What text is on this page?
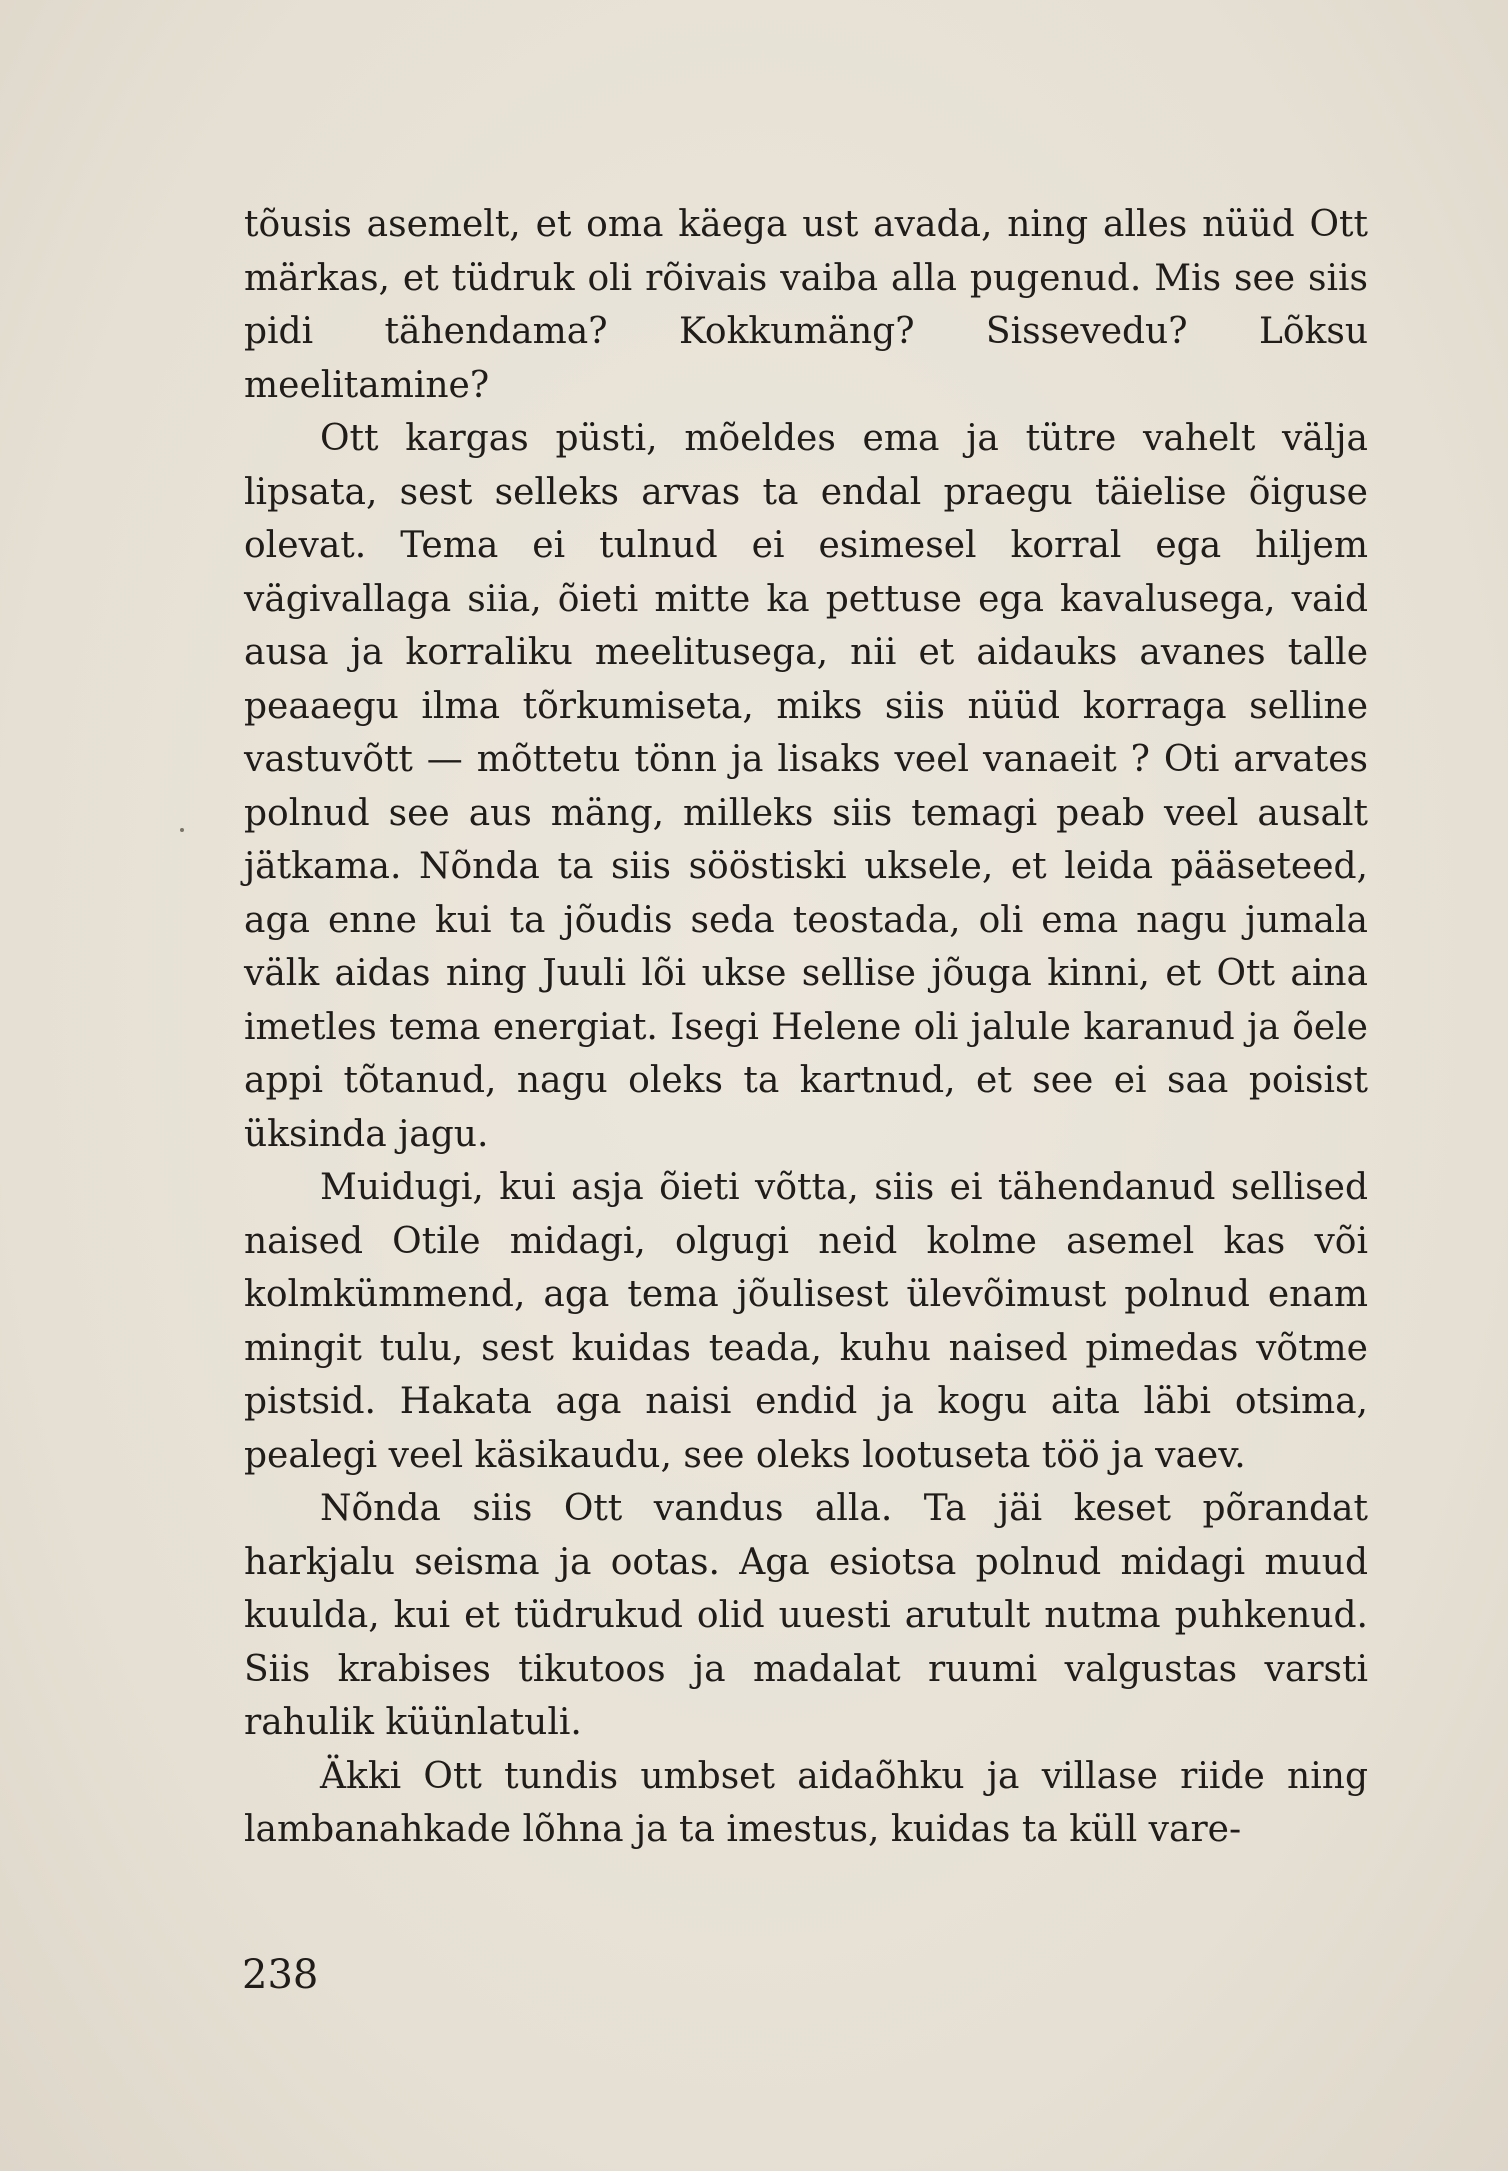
tõusis asemelt, et oma käega ust avada, ning alles nüüd Ott märkas, et tüdruk oli rõivais vaiba alla pugenud. Mis see siis pidi tähendama? Kokkumäng? Sissevedu? Lõksu meelitamine?

Ott kargas püsti, mõeldes ema ja tütre vahelt välja lipsata, sest selleks arvas ta endal praegu täielise õiguse olevat. Tema ei tulnud ei esimesel korral ega hiljem vägivallaga siia, õieti mitte ka pettuse ega kavalusega, vaid ausa ja korraliku meelitusega, nii et aidauks avanes talle peaaegu ilma tõrkumiseta, miks siis nüüd korraga selline vastuvõtt — mõttetu tönn ja lisaks veel vanaeit ? Oti arvates polnud see aus mäng, milleks siis temagi peab veel ausalt jätkama. Nõnda ta siis sööstiski uksele, et leida pääseteed, aga enne kui ta jõudis seda teostada, oli ema nagu jumala välk aidas ning Juuli lõi ukse sellise jõuga kinni, et Ott aina imetles tema energiat. Isegi Helene oli jalule karanud ja õele appi tõtanud, nagu oleks ta kartnud, et see ei saa poisist üksinda jagu.

Muidugi, kui asja õieti võtta, siis ei tähendanud sellised naised Otile midagi, olgugi neid kolme asemel kas või kolmkümmend, aga tema jõulisest ülevõimust polnud enam mingit tulu, sest kuidas teada, kuhu naised pimedas võtme pistsid. Hakata aga naisi endid ja kogu aita läbi otsima, pealegi veel käsikaudu, see oleks lootuseta töö ja vaev.

Nõnda siis Ott vandus alla. Ta jäi keset põrandat harkjalu seisma ja ootas. Aga esiotsa polnud midagi muud kuulda, kui et tüdrukud olid uuesti arutult nutma puhkenud. Siis krabises tikutoos ja madalat ruumi valgustas varsti rahulik küünlatuli.

Äkki Ott tundis umbset aidaõhku ja villase riide ning lambanahkade lõhna ja ta imestus, kuidas ta küll vare-

238
